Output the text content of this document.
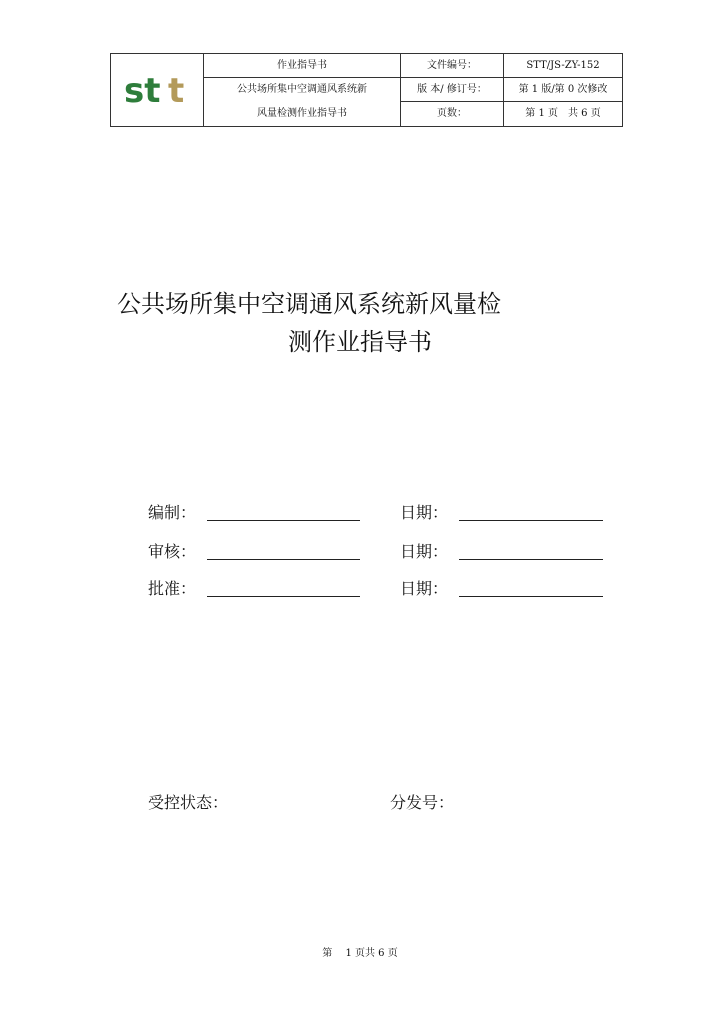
st t	作业指导书	文件编号：	STT/JS-ZY-152
	公共场所集中空调通风系统新	版 本/ 修订号：	第 1 版/第 0 次修改
	风量检测作业指导书	页数：	第 1 页　共 6 页
公共场所集中空调通风系统新风量检
测作业指导书
编制：	日期：
审核：	日期：
批准：	日期：
受控状态：	分发号：
第　 1 页共 6 页
